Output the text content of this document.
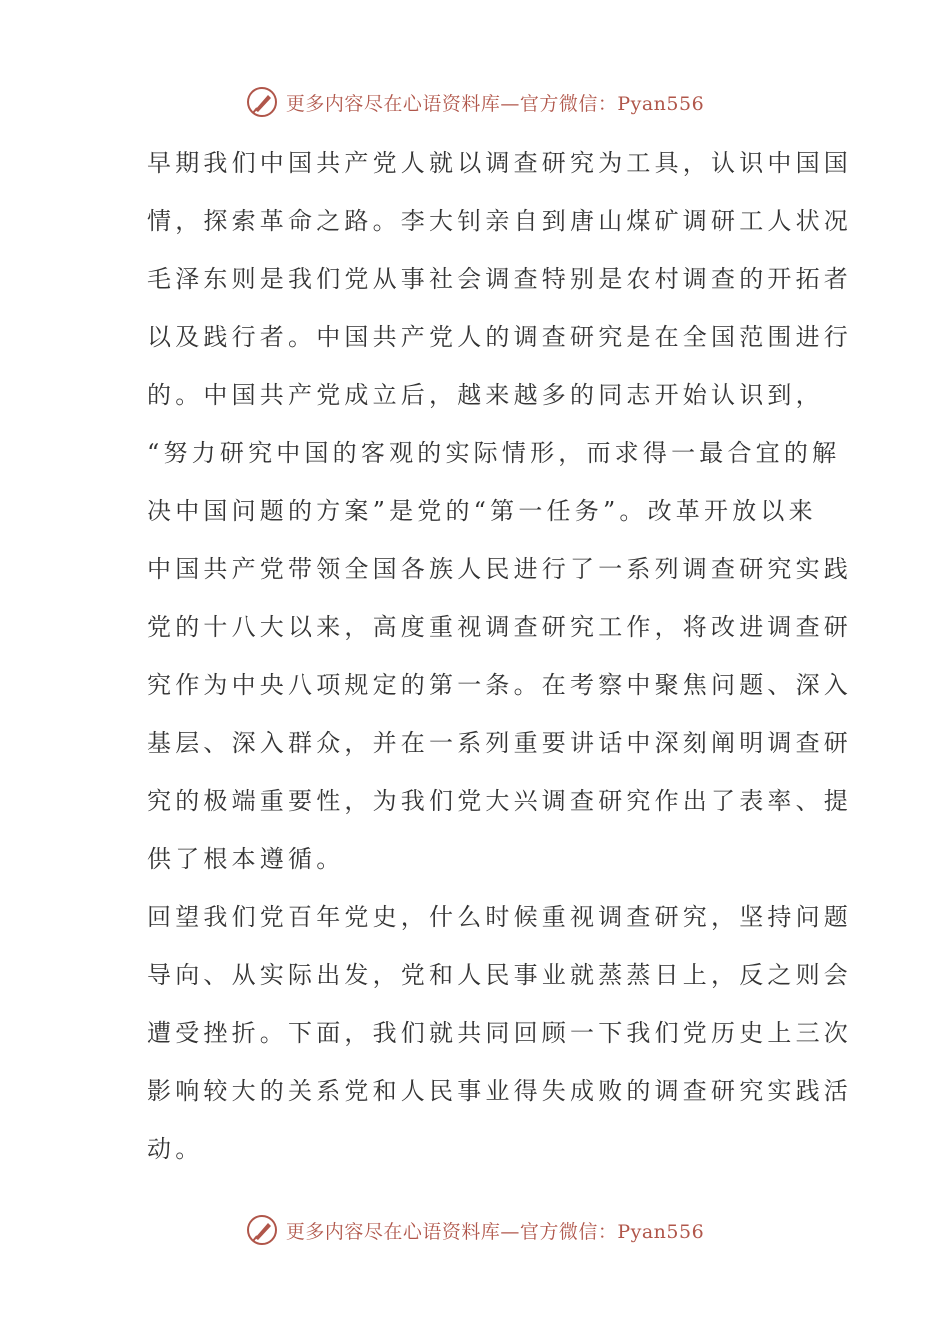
更多内容尽在心语资料库—官方微信：Pyan556
早期我们中国共产党人就以调查研究为工具，认识中国国
情，探索革命之路。李大钊亲自到唐山煤矿调研工人状况
毛泽东则是我们党从事社会调查特别是农村调查的开拓者
以及践行者。中国共产党人的调查研究是在全国范围进行
的。中国共产党成立后，越来越多的同志开始认识到，
“努力研究中国的客观的实际情形，而求得一最合宜的解
决中国问题的方案”是党的“第一任务”。改革开放以来
中国共产党带领全国各族人民进行了一系列调查研究实践
党的十八大以来，高度重视调查研究工作，将改进调查研
究作为中央八项规定的第一条。在考察中聚焦问题、深入
基层、深入群众，并在一系列重要讲话中深刻阐明调查研
究的极端重要性，为我们党大兴调查研究作出了表率、提
供了根本遵循。
回望我们党百年党史，什么时候重视调查研究，坚持问题
导向、从实际出发，党和人民事业就蒸蒸日上，反之则会
遭受挫折。下面，我们就共同回顾一下我们党历史上三次
影响较大的关系党和人民事业得失成败的调查研究实践活
动。
更多内容尽在心语资料库—官方微信：Pyan556
